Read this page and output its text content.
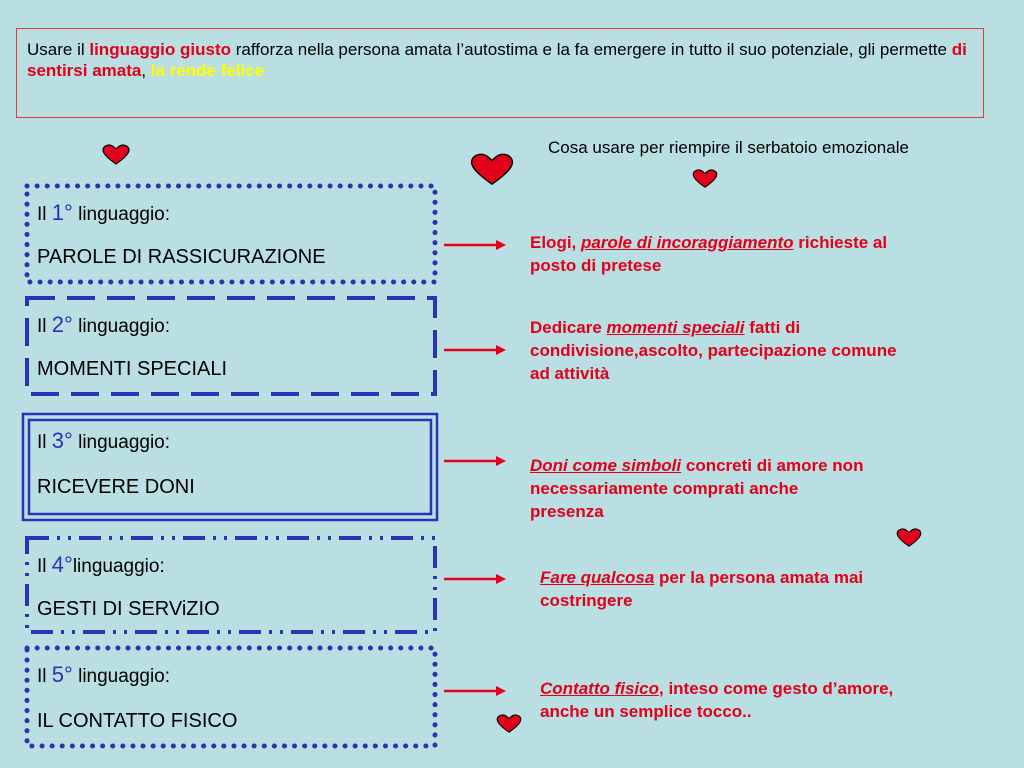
Usare il linguaggio giusto rafforza nella persona amata l’autostima e la fa emergere in tutto il suo potenziale, gli permette di sentirsi amata, la rende felice
Cosa usare per riempire il serbatoio emozionale
Il 1° linguaggio:
PAROLE DI RASSICURAZIONE
Il 2° linguaggio:
MOMENTI SPECIALI
Il 3° linguaggio:
RICEVERE DONI
Il 4°linguaggio:
GESTI DI SERViZIO
Il 5° linguaggio:
IL CONTATTO FISICO
Elogi, parole di incoraggiamento richieste al posto di pretese
Dedicare momenti speciali fatti di condivisione,ascolto, partecipazione comune ad attività
Doni come simboli concreti di amore non necessariamente comprati anche presenza
Fare qualcosa per la persona amata mai costringere
Contatto fisico, inteso come gesto d’amore, anche un semplice tocco..
